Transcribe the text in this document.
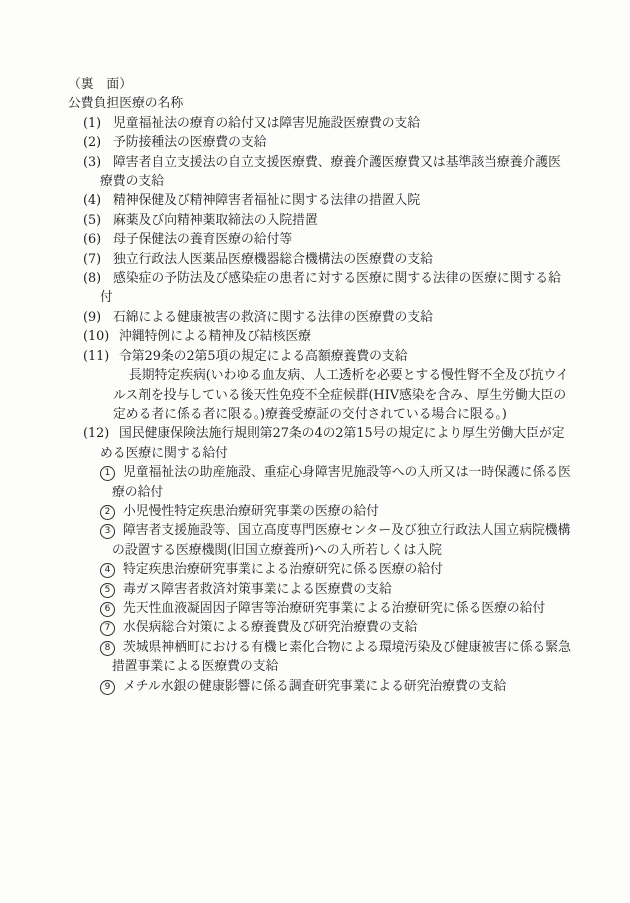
（裏　面）

公費負担医療の名称
(1) 児童福祉法の療育の給付又は障害児施設医療費の支給
(2) 予防接種法の医療費の支給
(3) 障害者自立支援法の自立支援医療費、療養介護医療費又は基準該当療養介護医療費の支給
(4) 精神保健及び精神障害者福祉に関する法律の措置入院
(5) 麻薬及び向精神薬取締法の入院措置
(6) 母子保健法の養育医療の給付等
(7) 独立行政法人医薬品医療機器総合機構法の医療費の支給
(8) 感染症の予防法及び感染症の患者に対する医療に関する法律の医療に関する給付
(9) 石綿による健康被害の救済に関する法律の医療費の支給
(10) 沖縄特例による精神及び結核医療
(11) 令第29条の2第5項の規定による高額療養費の支給
長期特定疾病(いわゆる血友病、人工透析を必要とする慢性腎不全及び抗ウイルス剤を投与している後天性免疫不全症候群(HIV感染を含み、厚生労働大臣の定める者に係る者に限る。)療養受療証の交付されている場合に限る。)
(12) 国民健康保険法施行規則第27条の4の2第15号の規定により厚生労働大臣が定める医療に関する給付
1 児童福祉法の助産施設、重症心身障害児施設等への入所又は一時保護に係る医療の給付
2 小児慢性特定疾患治療研究事業の医療の給付
3 障害者支援施設等、国立高度専門医療センター及び独立行政法人国立病院機構の設置する医療機関(旧国立療養所)への入所若しくは入院
4 特定疾患治療研究事業による治療研究に係る医療の給付
5 毒ガス障害者救済対策事業による医療費の支給
6 先天性血液凝固因子障害等治療研究事業による治療研究に係る医療の給付
7 水俣病総合対策による療養費及び研究治療費の支給
8 茨城県神栖町における有機ヒ素化合物による環境汚染及び健康被害に係る緊急措置事業による医療費の支給
9 メチル水銀の健康影響に係る調査研究事業による研究治療費の支給
